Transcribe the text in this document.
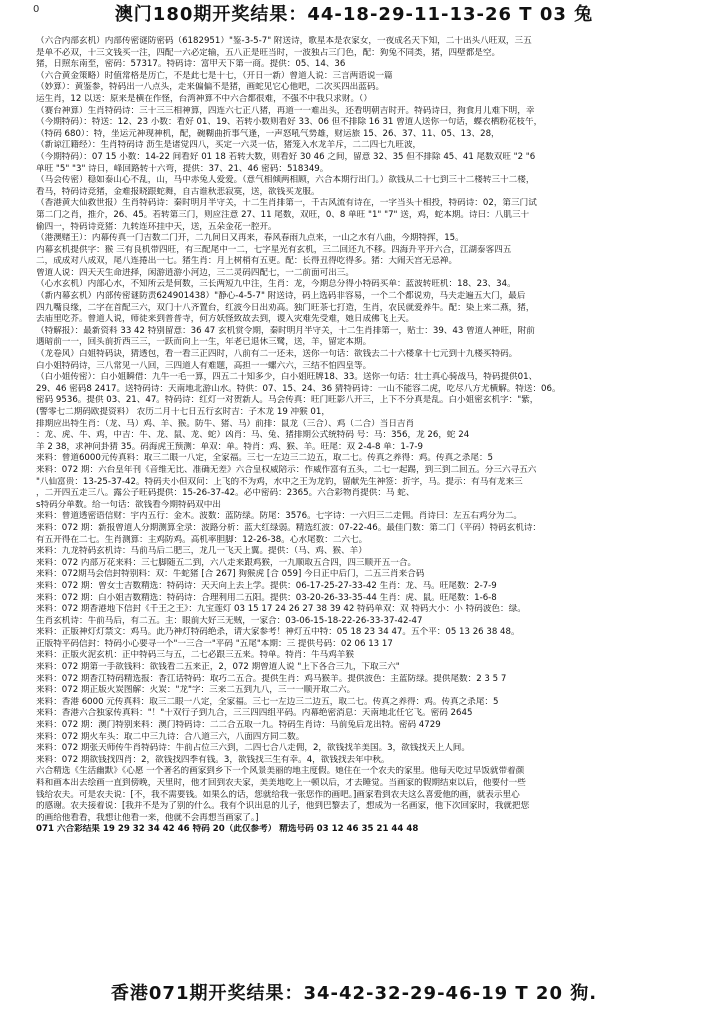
0	澳门180期开奖结果：44-18-29-11-13-26 T 03 兔
（六合内部玄机）内部传密谜防密码（6182951）"鉴-3-5-7" 附送诗，歌星本是农家女，一夜成名天下知，二十出头八旺双，三五
是单不必双，十三文钱买一注，四配一六必定输，五八正是旺当时，一波独占三门色，配：狗兔不同类，猪，四壁都是空。
猪，日照东南至，密码：57317。特码诗：富甲天下第一商。提供：05、14、36
（六合黄金策略）时值常格是历亡，不是此七是十七，（开日一新）曾道人说：三言两语说一篇
（妙算）：黄鉴参，特码出一八点头，走来偏偏不是猪，画蛇见它心他吧，二次买四出蓝码。
运生肖，12 以送：原来是横在作怪，台湾神算不中六合都很难，不强不中我只求财。（）
（赛台神算）生肖特码诗：三十三三相神算，四连六七正八猪，再道一一难出头，还看明朝吉时开。特码诗曰，狗食月儿难下明，幸
（今期特码）：特送：12、23 小数：看好 01、19、若转小数则看好 33、06 但不排除 16 31 曾道人送你一句话，蝶衣栖粉花枝午，
（特码 680）：特，坐运元神现神机，配，碗糊曲折事气逢，一声怒吼气势雄，财运旅 15、26、37、11、05、13、28，
（新谅江籍经）：生肖特码诗 沥生是诸觉四八，买定一六灵一估，猪笼入水龙羊斥，二二四七九旺波，
（今期特码）：07 15 小数：14-22 间看好 01 18 若转大数，则看好 30 46 之间，留意 32、35 但不排除 45、41 尾数双旺 "2 "6
单旺 "5" "3" 诗日，峰回路转十六弯，提供：37、21、46 密码：518349。
（马会传密）稳如泰山心不乱，山，马中赤兔人爱爱。（意气相倾两相顾，六合本期行出门。）欲钱从二十七到三十二楼转三十二楼，
看马，特码诗竞猪，金难报晓跟蛇舞，自古谁秋悲寂寞，送，欲钱买龙服。
（香港黄大仙救世报）生肖特码诗：秦时明月半守关，十二生肖排第一，千古风流有诗在，一字当头十相投，特码诗：02，第三门试
第二门之肖，推介，26、45。若转第三门，则应注意 27、11 尾数，双旺，0、8 单旺 "1" "7" 送，鸡，蛇本期。诗曰：八肌三十
偷四一，特码诗竞猪：九转连环挂中天，送，五朵金花一腔开。
（港澳赌王）：内幕传真一门吉数二门开，二九间日又再来，春风春雨九点来，一山之水有八曲，今期特挥，15。
内幕玄机提供字：猴 三有良机带四旺，有三配尾中一二，七字星光有玄机，三二回还九不移。四海升平开六合，江湖泰客四五
二，成成对八成双，尾八连捲出一七。猪生肖：月上树梢有五更。配：长得丑得吃得多。猪：大闹天宫无忌禅。
曾道人说：四天天生命进择，闲游逍游小河边，三二灵码四配七，一二前面可出三。
（心水玄机）内部心水，不知所云是何数，三长两短九中注，生肖：龙，今期总分得小特码买单：蓝波转旺机：18、23、34。
（新内幕玄机）内部传密谜防责624901438）"静心-4-5-7" 附送诗，码上选码非容易，一个二个都说劝，马夫走遍五大门，最后
四九嘴良缘，二字在首配三六，双门十八齐置台，红波今日出劝高。独门旺茶七打造，生肖，农民就爱养牛。配：染上来二燕，猪，
去庙里吃芥。曾道人说，师徒来到普普寺，何方妖怪致故去到，谡入灾难先受难，她日成佛飞上天。
（特解报）：最新资料 33 42 特别留意：36 47 玄机赏令期，秦时明月半守关，十二生肖排第一，贴士：39、43 曾道人神旺，附前
遇暗前一一，回头前折西三三，一跃而向上一生，年老已退休三鹭，送，羊，留定本期。
（龙卷风）白姐特码诀，猜透包，看一看三正四时，八前有二一还未，送你一句话：欲钱去二十六楼拿十七元到十九楼买特码。
白小姐特码诗，三八常见一八回，三四道人有难题，高担一一螺六六，三结不怕四皇等。
（白小姐传密）：白小姐瞬借：九牛一毛一算，四五二十知多少，白小姐旺牌18、33。送你一句话：壮士真心骑战马，特码提供01、
29、46 密码8 2417。送特码诗：天南地北游山水。特供：07、15、24、36 猜特码诗：一山不能容二虎，吃尽八方尤横解。特送：06。
密码 9536。提供 03、21、47。特码诗：红灯一对贺新人。马会传真：旺门旺影八开三，上下不分真是乱。白小姐密玄机字："紫，
(警零七二期码欧提资料） 农历二月十七日五行玄时吉：子木龙 19 冲猴 01，
排期应出特生肖：（龙、马）鸡、羊、猴。防牛、猪、马）前排：鼠龙（三合）、鸡（二合）当日吉肖
：龙、虎、牛、鸡，中吉：牛、龙、鼠、龙、蛇）凶肖：马、兔、猪排期公式统特码 号：马：356，龙 26，蛇 24
羊 2 38，求神问卦猜 35。码海虎王预测：单双：单。特肖：鸡、猴、羊。旺尾：双 2-4-8 单：1-7-9
来料：曾道6000元传真料：取三二眼一八定，全家福。三七一左边三二边五，取二七。传真之养得：鸡。传真之杀尾：5
来料：072 期：六台皇年刊《音维无比、准确无差》六合皇权威陪示：作威作富有五头，二七一起踢，到三到二回五。分三六寻五六
"八仙富贵：13-25-37-42。特码夫小但双问：上飞的不为鸡，水中之王为龙钓，留献先生神签：折字，马。提示：有马有龙来三
，二开四五走三八。露公子旺码提供：15-26-37-42。必中密码：2365。六合彩物肖提供：马 蛇、
s特码分单数。给一句话：欲钱看今期特码双中出
来料：曾道透密语信财：宇内五行：金木。波数：蓝防绿。防尾：3576。七字诗：一六归三二走佣。肖诗曰：左五右鸡分为二。
来料：072 期：新报曾道人分期测算全录：波路分析：蓝大红绿弱。精选红波：07-22-46。最佳门数：第二门（平码）特码玄机诗：
有五开得在二七。生肖测算：主鸡防鸡。高机率胆脚：12-26-38。心水尾数：二六七。
来料：九龙特码玄机诗：马前马后二肥三，龙几一飞天上翼。提供：（马、鸡、猴、羊）
来料：072 内部万花来料：三七脚随五二到，六八走来跟鸡猴，一九顺取五合四，四三顺开五一合。
来料：072期马会信封特别料：双：牛蛇猪 [合 267] 狗猴虎 [合 059] 今日正中后门，二五三肖来合码
来料：072 期：曾女士吉数精选：特码诗：天天向上去上学。提供：06-17-25-27-33-42 生肖：龙、马。旺尾数：2-7-9
来料：072 期：白小姐吉数精选：特码诗：合理利用二五阳。提供：03-20-26-33-35-44 生肖：虎、鼠。旺尾数：1-6-8
来料：072 期香港地下信封《千王之王》：九宝莲灯 03 15 17 24 26 27 38 39 42 特码单双：双 特码大小：小 特码波色：绿。
生肖玄机诗：牛前马后，有二五。主：眼前大好三无贼，一家合：03-06-15-18-22-26-33-37-42-47
来料：正版神灯灯禁文：鸡马。此乃神灯特码绝杀，请大家参考！神灯五中特：05 18 23 34 47。五个平：05 13 26 38 48。
正版特平码信封：特码小心要寻一个"一三合一"平码 "五尾"本期：三 提供号码：02 06 13 17
来料：正版火泥玄机：正中特码三与五，二七必跟三五来。特单。特肖：牛马鸡羊猴
来料：072 期第一手欲钱料：欲钱看二五来正，2，072 期曾道人说 "上下各合三九，下取三六"
来料：072 期香江特码精选报：香江话特码：取巧二五合。提供生肖：鸡马猴羊。提供波色：主蓝防绿。提供尾数：2 3 5 7
来料：072 期正版火炭图解：火炭："龙"字：三来二五到九八，三一一顺开取二六。
来料：香港 6000 元传真料：取三二眼一八定，全家福。三七一左边三二边五，取二七。传真之养得：鸡。传真之杀尾：5
来料：香港六合独家传真料："！"十双行子到九合，三三四四组平码。内幕绝密消息：天南地北任它飞。密码 2645
来料：072 期：澳门特别来料：澳门特码诗：二二合五取一九。特码生肖诗：马前兔后龙出特。密码 4729
来料：072 期火车头：取二中三九诗：合八道三六，八面四方同二数。
来料：072 期张天师传牛肖特码诗：牛前占位三六到，二四七合八走佣，2，欲钱找羊美国。3，欲钱找天上人间。
来料：072 期欲钱找四肖：2，欲钱找四季有钱。3，欲钱找三生有幸。4，欲钱找去年中秋。
六合精选《生活幽默》《心愿 一个著名的画家到乡下一个风景美丽的地主度假。她住在一个农夫的家里。他每天吃过早饭就带着颜
料和画本出去绘画一直到傍晚，天里时，他才回到农夫家，美美地吃上一顿以后，才去睡觉。当画家的假期结束以后，他要付一些
钱给农夫。可是农夫说：[不，我不需要钱。如果么的话，您就给我一张您作的画吧。]画家看到农夫这么喜爱他的画，就表示里心
的感谢。农夫接着说：[我并不是为了别的什么。我有个识出息的儿子，他到巴黎去了，想成为一名画家，他下次回家时，我就把您
的画给他看看，我想让他看一来，他就不会再想当画家了。]
071 六合彩结果 19 29 32 34 42 46 特码 20（此仅参考） 精选号码 03 12 46 35 21 44 48
香港071期开奖结果：34-42-32-29-46-19 T 20 狗.
